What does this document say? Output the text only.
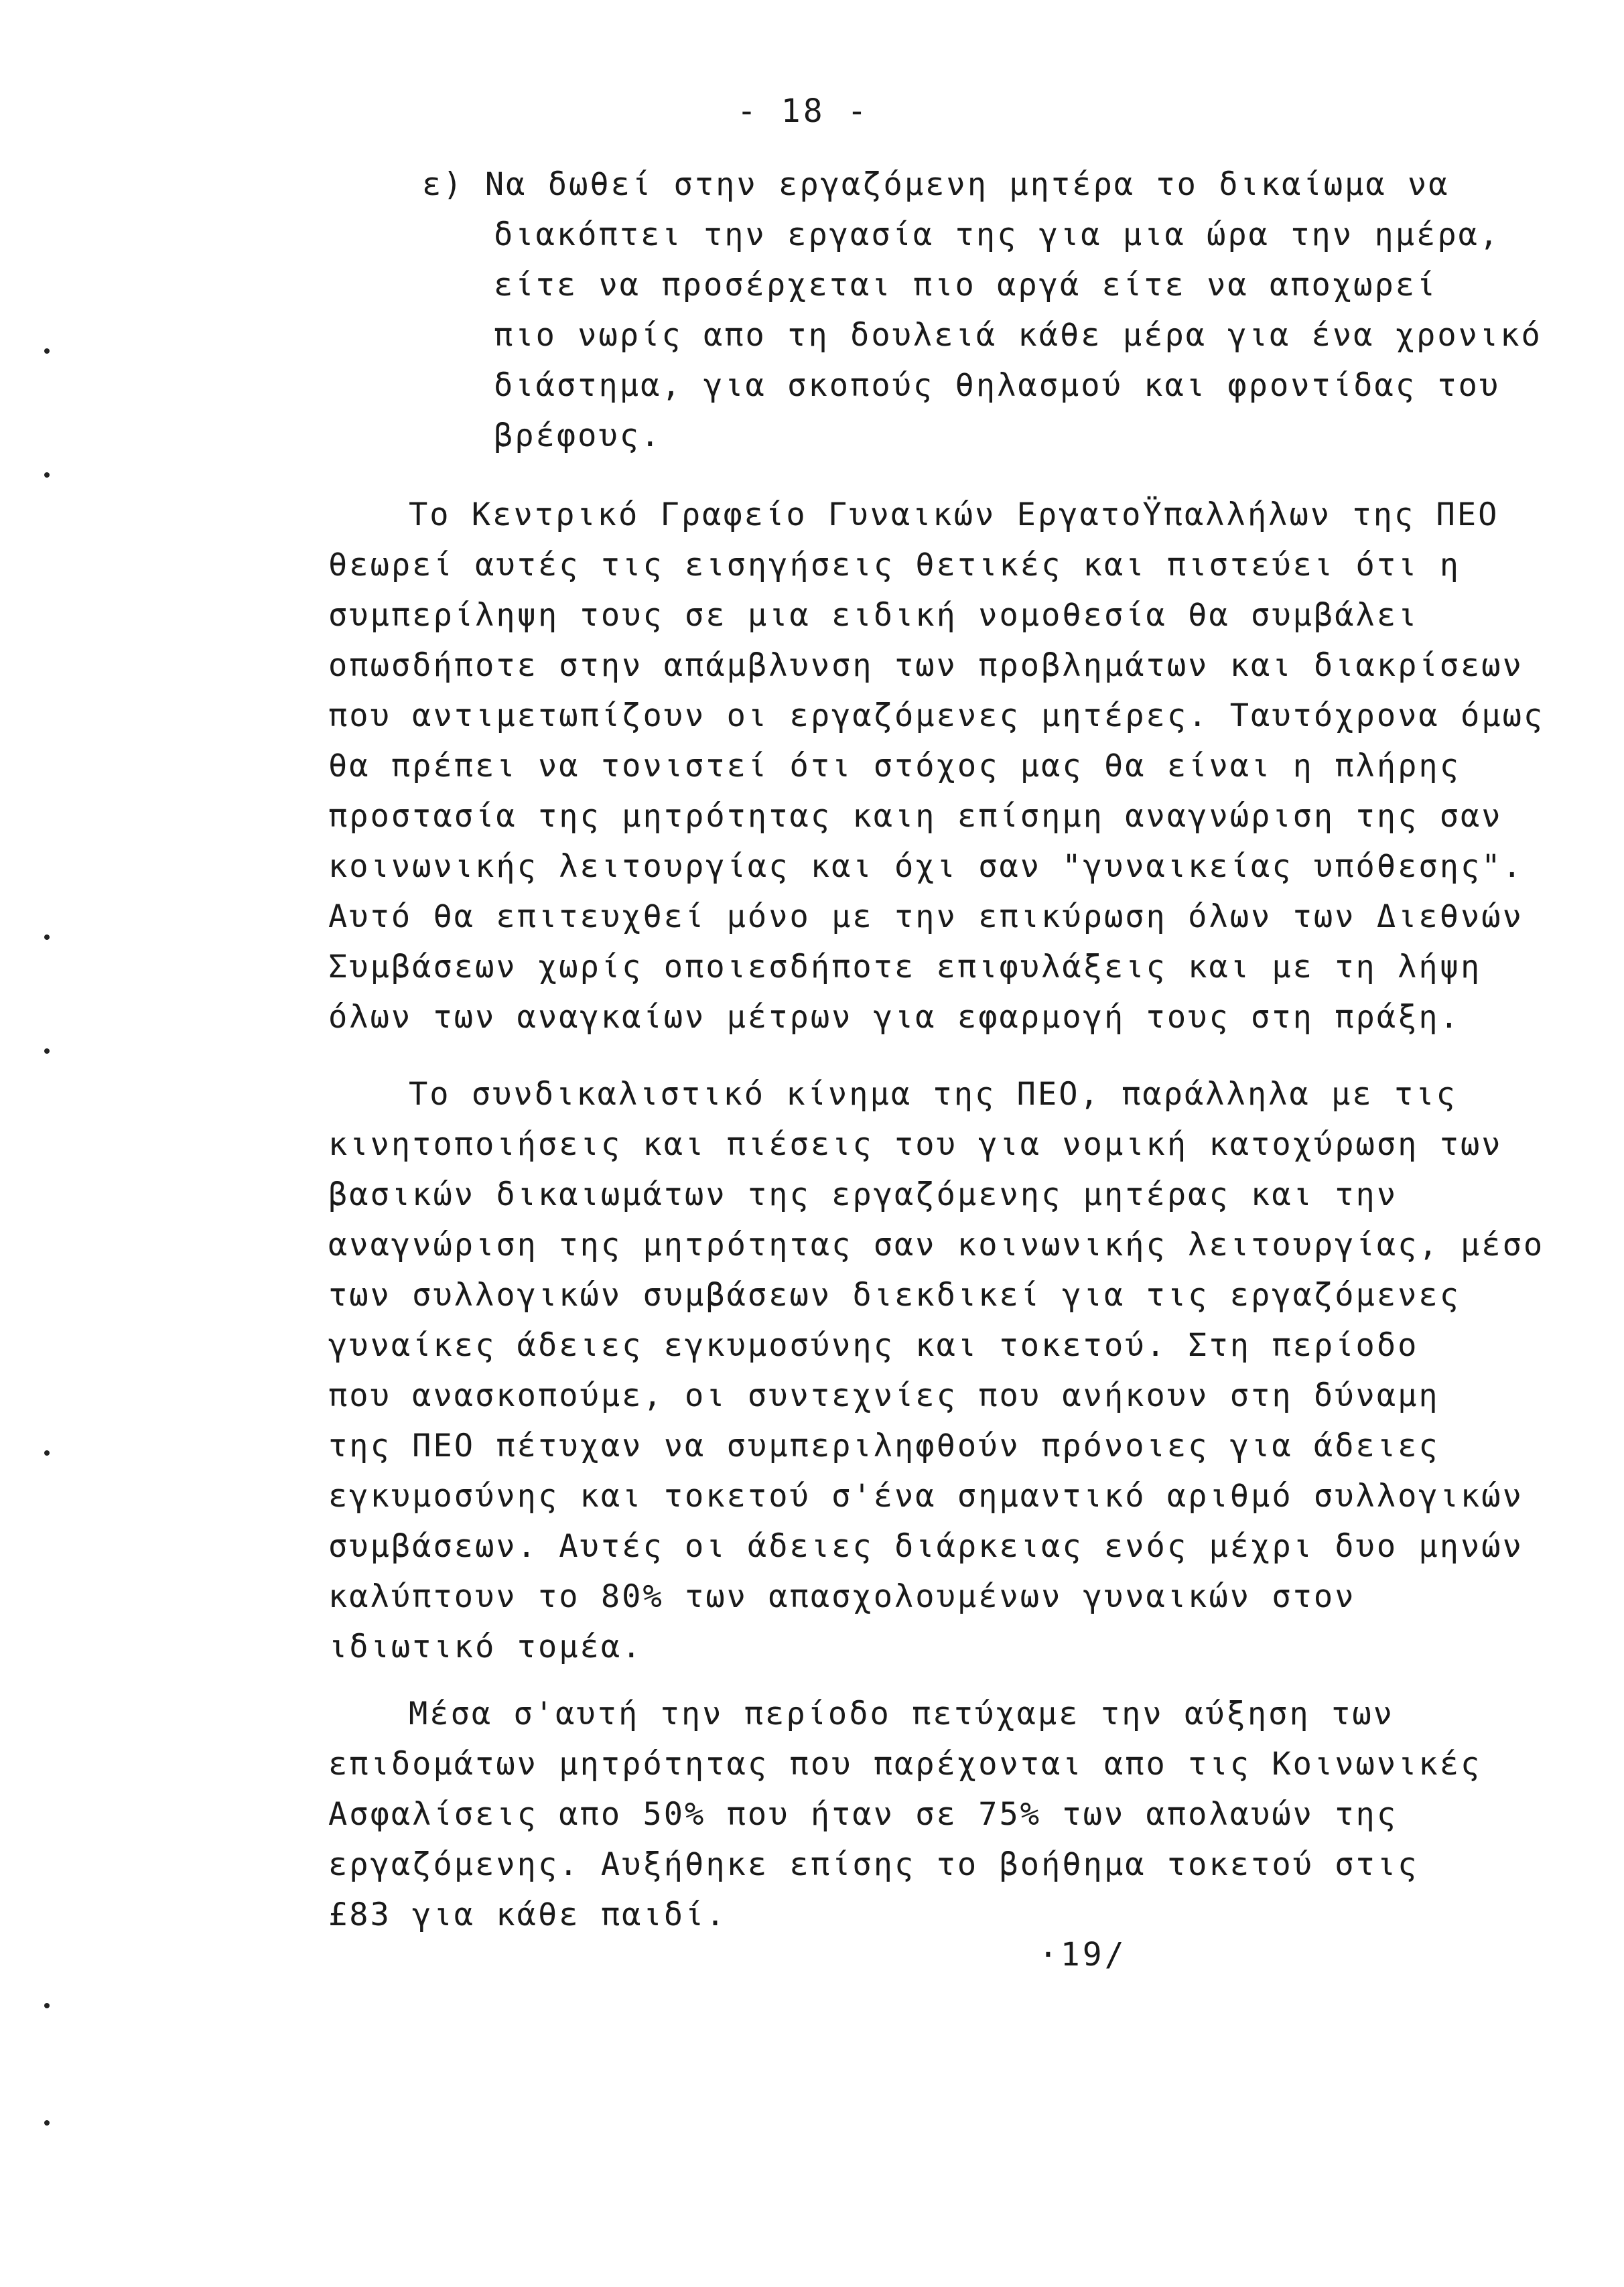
- 18 -
ε) Να δωθεί στην εργαζόμενη μητέρα το δικαίωμα να
διακόπτει την εργασία της για μια ώρα την ημέρα,
είτε να προσέρχεται πιο αργά είτε να αποχωρεί
πιο νωρίς απο τη δουλειά κάθε μέρα για ένα χρονικό
διάστημα, για σκοπούς θηλασμού και φροντίδας του
βρέφους.
Το Κεντρικό Γραφείο Γυναικών ΕργατοΫπαλλήλων της ΠΕΟ
θεωρεί αυτές τις εισηγήσεις θετικές και πιστεύει ότι η
συμπερίληψη τους σε μια ειδική νομοθεσία θα συμβάλει
οπωσδήποτε στην απάμβλυνση των προβλημάτων και διακρίσεων
που αντιμετωπίζουν οι εργαζόμενες μητέρες. Ταυτόχρονα όμως
θα πρέπει να τονιστεί ότι στόχος μας θα είναι η πλήρης
προστασία της μητρότητας καιη επίσημη αναγνώριση της σαν
κοινωνικής λειτουργίας και όχι σαν "γυναικείας υπόθεσης".
Αυτό θα επιτευχθεί μόνο με την επικύρωση όλων των Διεθνών
Συμβάσεων χωρίς οποιεσδήποτε επιφυλάξεις και με τη λήψη
όλων των αναγκαίων μέτρων για εφαρμογή τους στη πράξη.
Το συνδικαλιστικό κίνημα της ΠΕΟ, παράλληλα με τις
κινητοποιήσεις και πιέσεις του για νομική κατοχύρωση των
βασικών δικαιωμάτων της εργαζόμενης μητέρας και την
αναγνώριση της μητρότητας σαν κοινωνικής λειτουργίας, μέσο
των συλλογικών συμβάσεων διεκδικεί για τις εργαζόμενες
γυναίκες άδειες εγκυμοσύνης και τοκετού. Στη περίοδο
που ανασκοπούμε, οι συντεχνίες που ανήκουν στη δύναμη
της ΠΕΟ πέτυχαν να συμπεριληφθούν πρόνοιες για άδειες
εγκυμοσύνης και τοκετού σ'ένα σημαντικό αριθμό συλλογικών
συμβάσεων. Αυτές οι άδειες διάρκειας ενός μέχρι δυο μηνών
καλύπτουν το 80% των απασχολουμένων γυναικών στον
ιδιωτικό τομέα.
Μέσα σ'αυτή την περίοδο πετύχαμε την αύξηση των
επιδομάτων μητρότητας που παρέχονται απο τις Κοινωνικές
Ασφαλίσεις απο 50% που ήταν σε 75% των απολαυών της
εργαζόμενης. Αυξήθηκε επίσης το βοήθημα τοκετού στις
£83 για κάθε παιδί.
·19/
